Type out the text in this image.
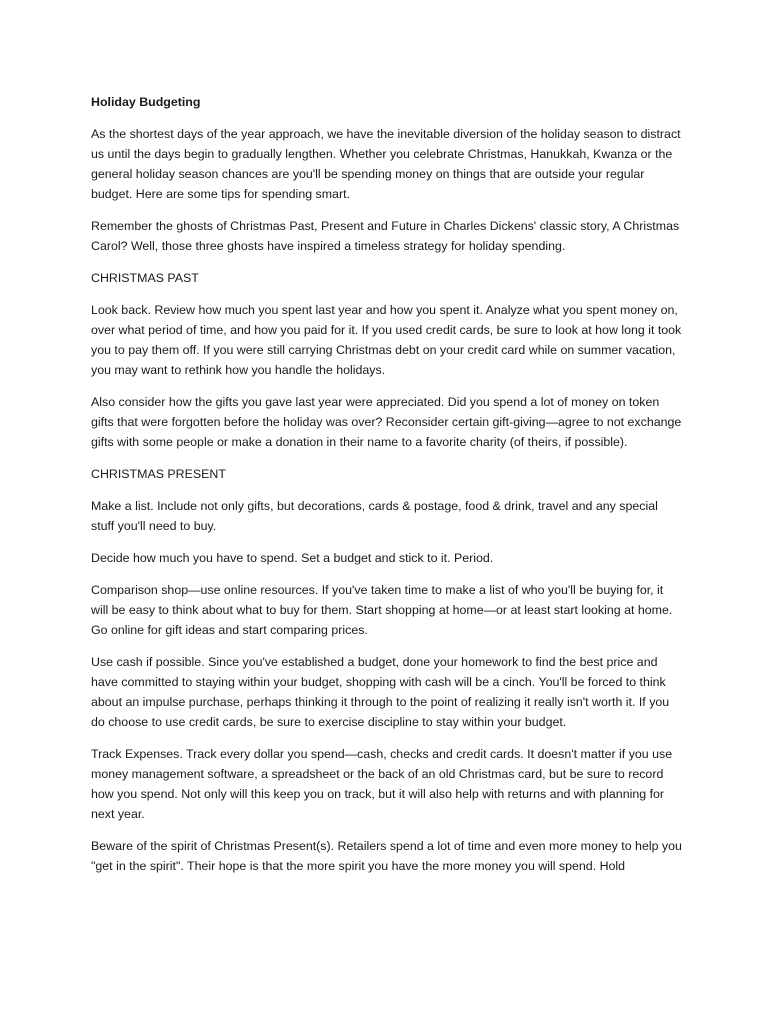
Holiday Budgeting

As the shortest days of the year approach, we have the inevitable diversion of the holiday season to distract us until the days begin to gradually lengthen. Whether you celebrate Christmas, Hanukkah, Kwanza or the general holiday season chances are you'll be spending money on things that are outside your regular budget. Here are some tips for spending smart.

Remember the ghosts of Christmas Past, Present and Future in Charles Dickens' classic story, A Christmas Carol? Well, those three ghosts have inspired a timeless strategy for holiday spending.

CHRISTMAS PAST

Look back. Review how much you spent last year and how you spent it. Analyze what you spent money on, over what period of time, and how you paid for it. If you used credit cards, be sure to look at how long it took you to pay them off. If you were still carrying Christmas debt on your credit card while on summer vacation, you may want to rethink how you handle the holidays.

Also consider how the gifts you gave last year were appreciated. Did you spend a lot of money on token gifts that were forgotten before the holiday was over? Reconsider certain gift-giving—agree to not exchange gifts with some people or make a donation in their name to a favorite charity (of theirs, if possible).

CHRISTMAS PRESENT

Make a list. Include not only gifts, but decorations, cards & postage, food & drink, travel and any special stuff you'll need to buy.

Decide how much you have to spend. Set a budget and stick to it. Period.

Comparison shop—use online resources. If you've taken time to make a list of who you'll be buying for, it will be easy to think about what to buy for them. Start shopping at home—or at least start looking at home. Go online for gift ideas and start comparing prices.

Use cash if possible. Since you've established a budget, done your homework to find the best price and have committed to staying within your budget, shopping with cash will be a cinch. You'll be forced to think about an impulse purchase, perhaps thinking it through to the point of realizing it really isn't worth it. If you do choose to use credit cards, be sure to exercise discipline to stay within your budget.

Track Expenses. Track every dollar you spend—cash, checks and credit cards. It doesn't matter if you use money management software, a spreadsheet or the back of an old Christmas card, but be sure to record how you spend. Not only will this keep you on track, but it will also help with returns and with planning for next year.

Beware of the spirit of Christmas Present(s). Retailers spend a lot of time and even more money to help you "get in the spirit". Their hope is that the more spirit you have the more money you will spend. Hold
